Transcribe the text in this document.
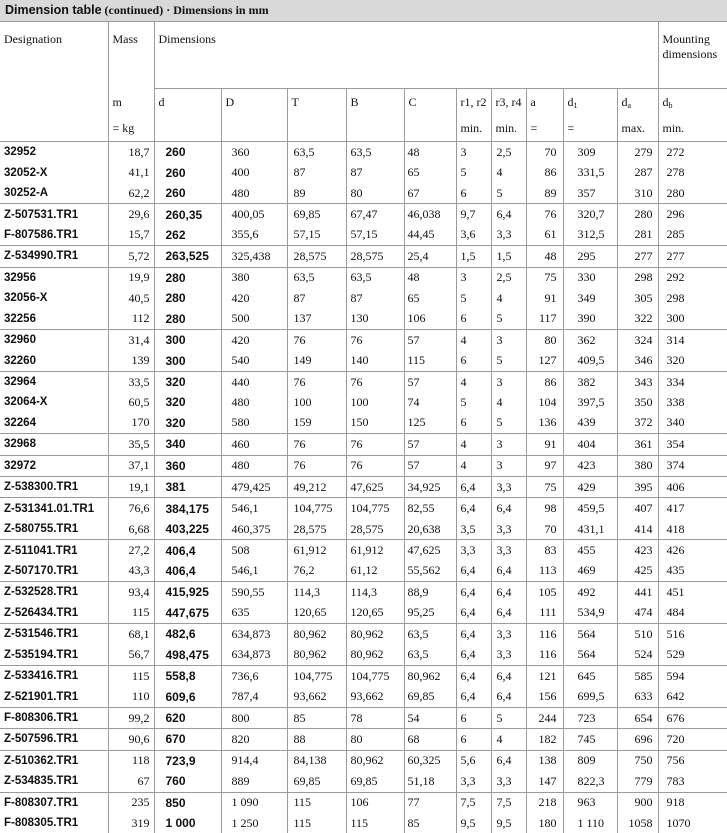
Dimension table (continued) · Dimensions in mm
Designation	Mass	Dimensions										Mounting
dimensions
	m	d	D	T	B	C	r1, r2	r3, r4	a	$d_1$	$d_a$	$d_b$
	= kg						min.	min.	=	=	max.	min.
32952	18,7	260	360	63,5	63,5	48	3	2,5	70	309	279	272
32052-X	41,1	260	400	87	87	65	5	4	86	331,5	287	278
30252-A	62,2	260	480	89	80	67	6	5	89	357	310	280
Z-507531.TR1	29,6	260,35	400,05	69,85	67,47	46,038	9,7	6,4	76	320,7	280	296
F-807586.TR1	15,7	262	355,6	57,15	57,15	44,45	3,6	3,3	61	312,5	281	285
Z-534990.TR1	5,72	263,525	325,438	28,575	28,575	25,4	1,5	1,5	48	295	277	277
32956	19,9	280	380	63,5	63,5	48	3	2,5	75	330	298	292
32056-X	40,5	280	420	87	87	65	5	4	91	349	305	298
32256	112	280	500	137	130	106	6	5	117	390	322	300
32960	31,4	300	420	76	76	57	4	3	80	362	324	314
32260	139	300	540	149	140	115	6	5	127	409,5	346	320
32964	33,5	320	440	76	76	57	4	3	86	382	343	334
32064-X	60,5	320	480	100	100	74	5	4	104	397,5	350	338
32264	170	320	580	159	150	125	6	5	136	439	372	340
32968	35,5	340	460	76	76	57	4	3	91	404	361	354
32972	37,1	360	480	76	76	57	4	3	97	423	380	374
Z-538300.TR1	19,1	381	479,425	49,212	47,625	34,925	6,4	3,3	75	429	395	406
Z-531341.01.TR1	76,6	384,175	546,1	104,775	104,775	82,55	6,4	6,4	98	459,5	407	417
Z-580755.TR1	6,68	403,225	460,375	28,575	28,575	20,638	3,5	3,3	70	431,1	414	418
Z-511041.TR1	27,2	406,4	508	61,912	61,912	47,625	3,3	3,3	83	455	423	426
Z-507170.TR1	43,3	406,4	546,1	76,2	61,12	55,562	6,4	6,4	113	469	425	435
Z-532528.TR1	93,4	415,925	590,55	114,3	114,3	88,9	6,4	6,4	105	492	441	451
Z-526434.TR1	115	447,675	635	120,65	120,65	95,25	6,4	6,4	111	534,9	474	484
Z-531546.TR1	68,1	482,6	634,873	80,962	80,962	63,5	6,4	3,3	116	564	510	516
Z-535194.TR1	56,7	498,475	634,873	80,962	80,962	63,5	6,4	3,3	116	564	524	529
Z-533416.TR1	115	558,8	736,6	104,775	104,775	80,962	6,4	6,4	121	645	585	594
Z-521901.TR1	110	609,6	787,4	93,662	93,662	69,85	6,4	6,4	156	699,5	633	642
F-808306.TR1	99,2	620	800	85	78	54	6	5	244	723	654	676
Z-507596.TR1	90,6	670	820	88	80	68	6	4	182	745	696	720
Z-510362.TR1	118	723,9	914,4	84,138	80,962	60,325	5,6	6,4	138	809	750	756
Z-534835.TR1	67	760	889	69,85	69,85	51,18	3,3	3,3	147	822,3	779	783
F-808307.TR1	235	850	1 090	115	106	77	7,5	7,5	218	963	900	918
F-808305.TR1	319	1 000	1 250	115	115	85	9,5	9,5	180	1 110	1058	1070
